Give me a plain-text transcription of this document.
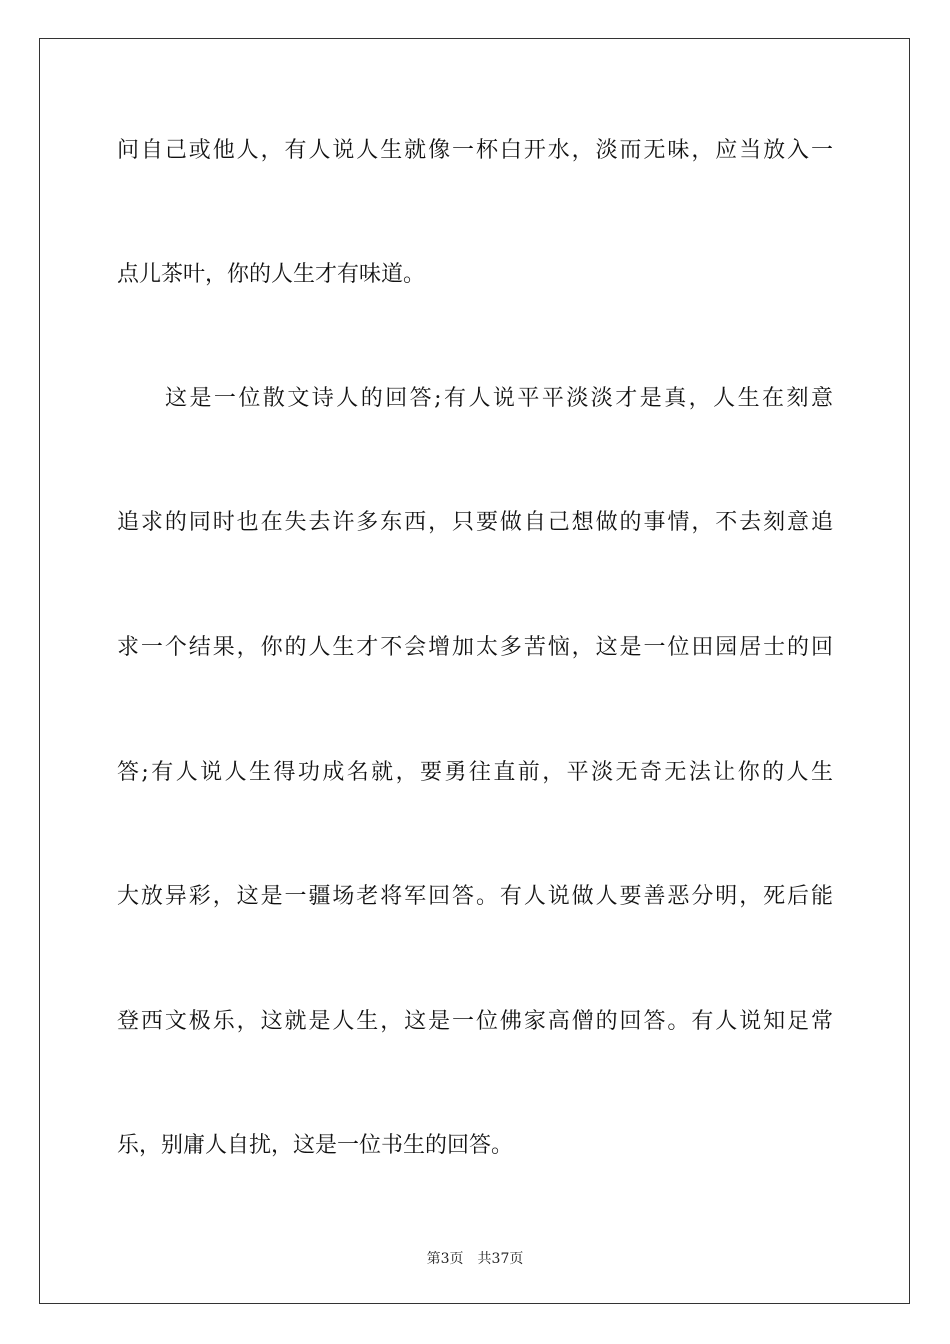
问自己或他人，有人说人生就像一杯白开水，淡而无味，应当放入一
点儿茶叶，你的人生才有味道。
这是一位散文诗人的回答;有人说平平淡淡才是真，人生在刻意
追求的同时也在失去许多东西，只要做自己想做的事情，不去刻意追
求一个结果，你的人生才不会增加太多苦恼，这是一位田园居士的回
答;有人说人生得功成名就，要勇往直前，平淡无奇无法让你的人生
大放异彩，这是一疆场老将军回答。有人说做人要善恶分明，死后能
登西文极乐，这就是人生，这是一位佛家高僧的回答。有人说知足常
乐，别庸人自扰，这是一位书生的回答。
第3页 共37页
